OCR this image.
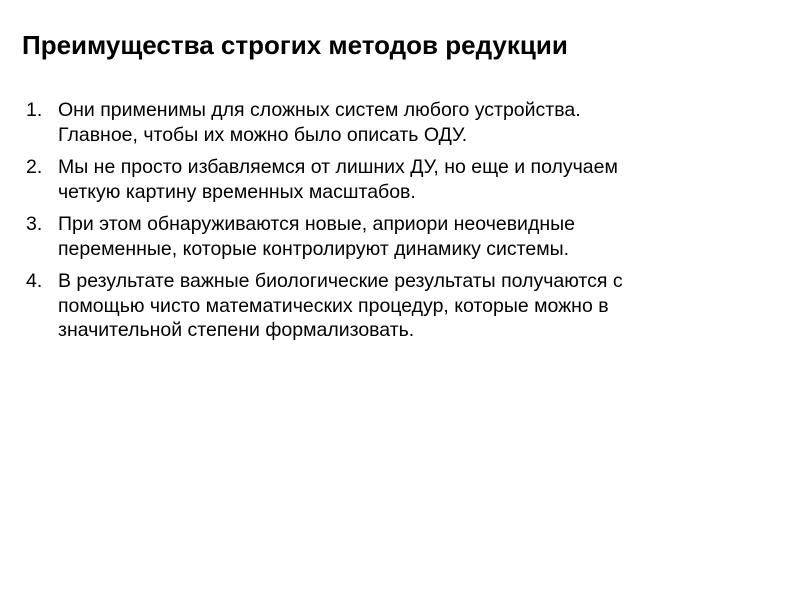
Преимущества строгих методов редукции
1. Они применимы для сложных систем любого устройства.
Главное, чтобы их можно было описать ОДУ.
2. Мы не просто избавляемся от лишних ДУ, но еще и получаем
четкую картину временных масштабов.
3. При этом обнаруживаются новые, априори неочевидные
переменные, которые контролируют динамику системы.
4. В результате важные биологические результаты получаются с
помощью чисто математических процедур, которые можно в
значительной степени формализовать.
